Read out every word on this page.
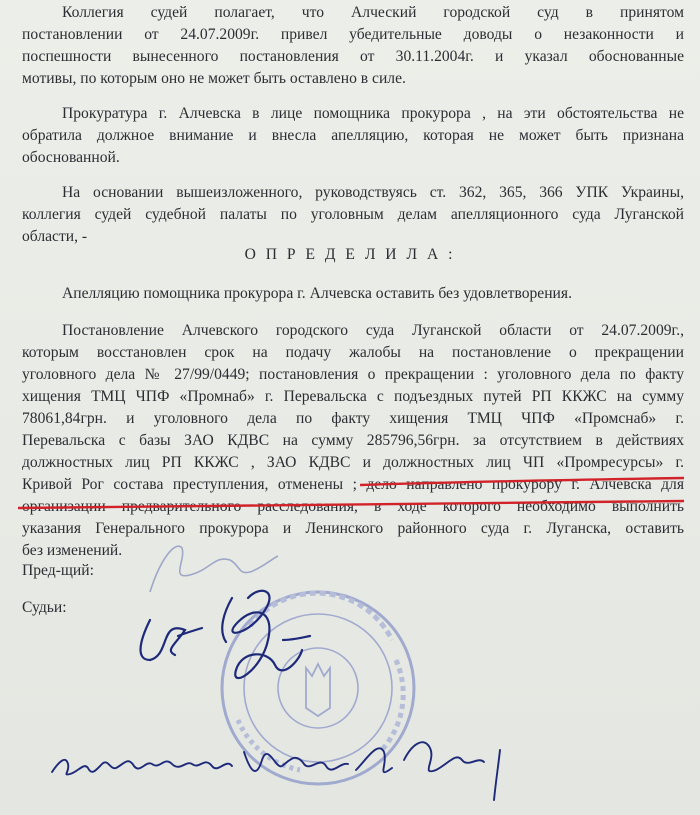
Коллегия судей полагает, что Алческий городской суд в принятом
постановлении от 24.07.2009г. привел убедительные доводы о незаконности и
поспешности вынесенного постановления от 30.11.2004г. и указал обоснованные
мотивы, по которым оно не может быть оставлено в силе.
Прокуратура г. Алчевска в лице помощника прокурора , на эти обстоятельства не
обратила должное внимание и внесла апелляцию, которая не может быть признана
обоснованной.
На основании вышеизложенного, руководствуясь ст. 362, 365, 366 УПК Украины,
коллегия судей судебной палаты по уголовным делам апелляционного суда Луганской
области, -
О П Р Е Д Е Л И Л А :
Апелляцию помощника прокурора г. Алчевска оставить без удовлетворения.
Постановление Алчевского городского суда Луганской области от 24.07.2009г.,
которым восстановлен срок на подачу жалобы на постановление о прекращении
уголовного дела № 27/99/0449; постановления о прекращении : уголовного дела по факту
хищения ТМЦ ЧПФ «Промнаб» г. Перевальска с подъездных путей РП ККЖС на сумму
78061,84грн. и уголовного дела по факту хищения ТМЦ ЧПФ «Промснаб» г.
Перевальска с базы ЗАО КДВС на сумму 285796,56грн. за отсутствием в действиях
должностных лиц РП ККЖС , ЗАО КДВС и должностных лиц ЧП «Промресурсы» г.
Кривой Рог состава преступления, отменены ; дело направлено прокурору г. Алчевска для
организации предварительного расследования, в ходе которого необходимо выполнить
указания Генерального прокурора и Ленинского районного суда г. Луганска, оставить
без изменений.
Пред-щий:
Судьи:
